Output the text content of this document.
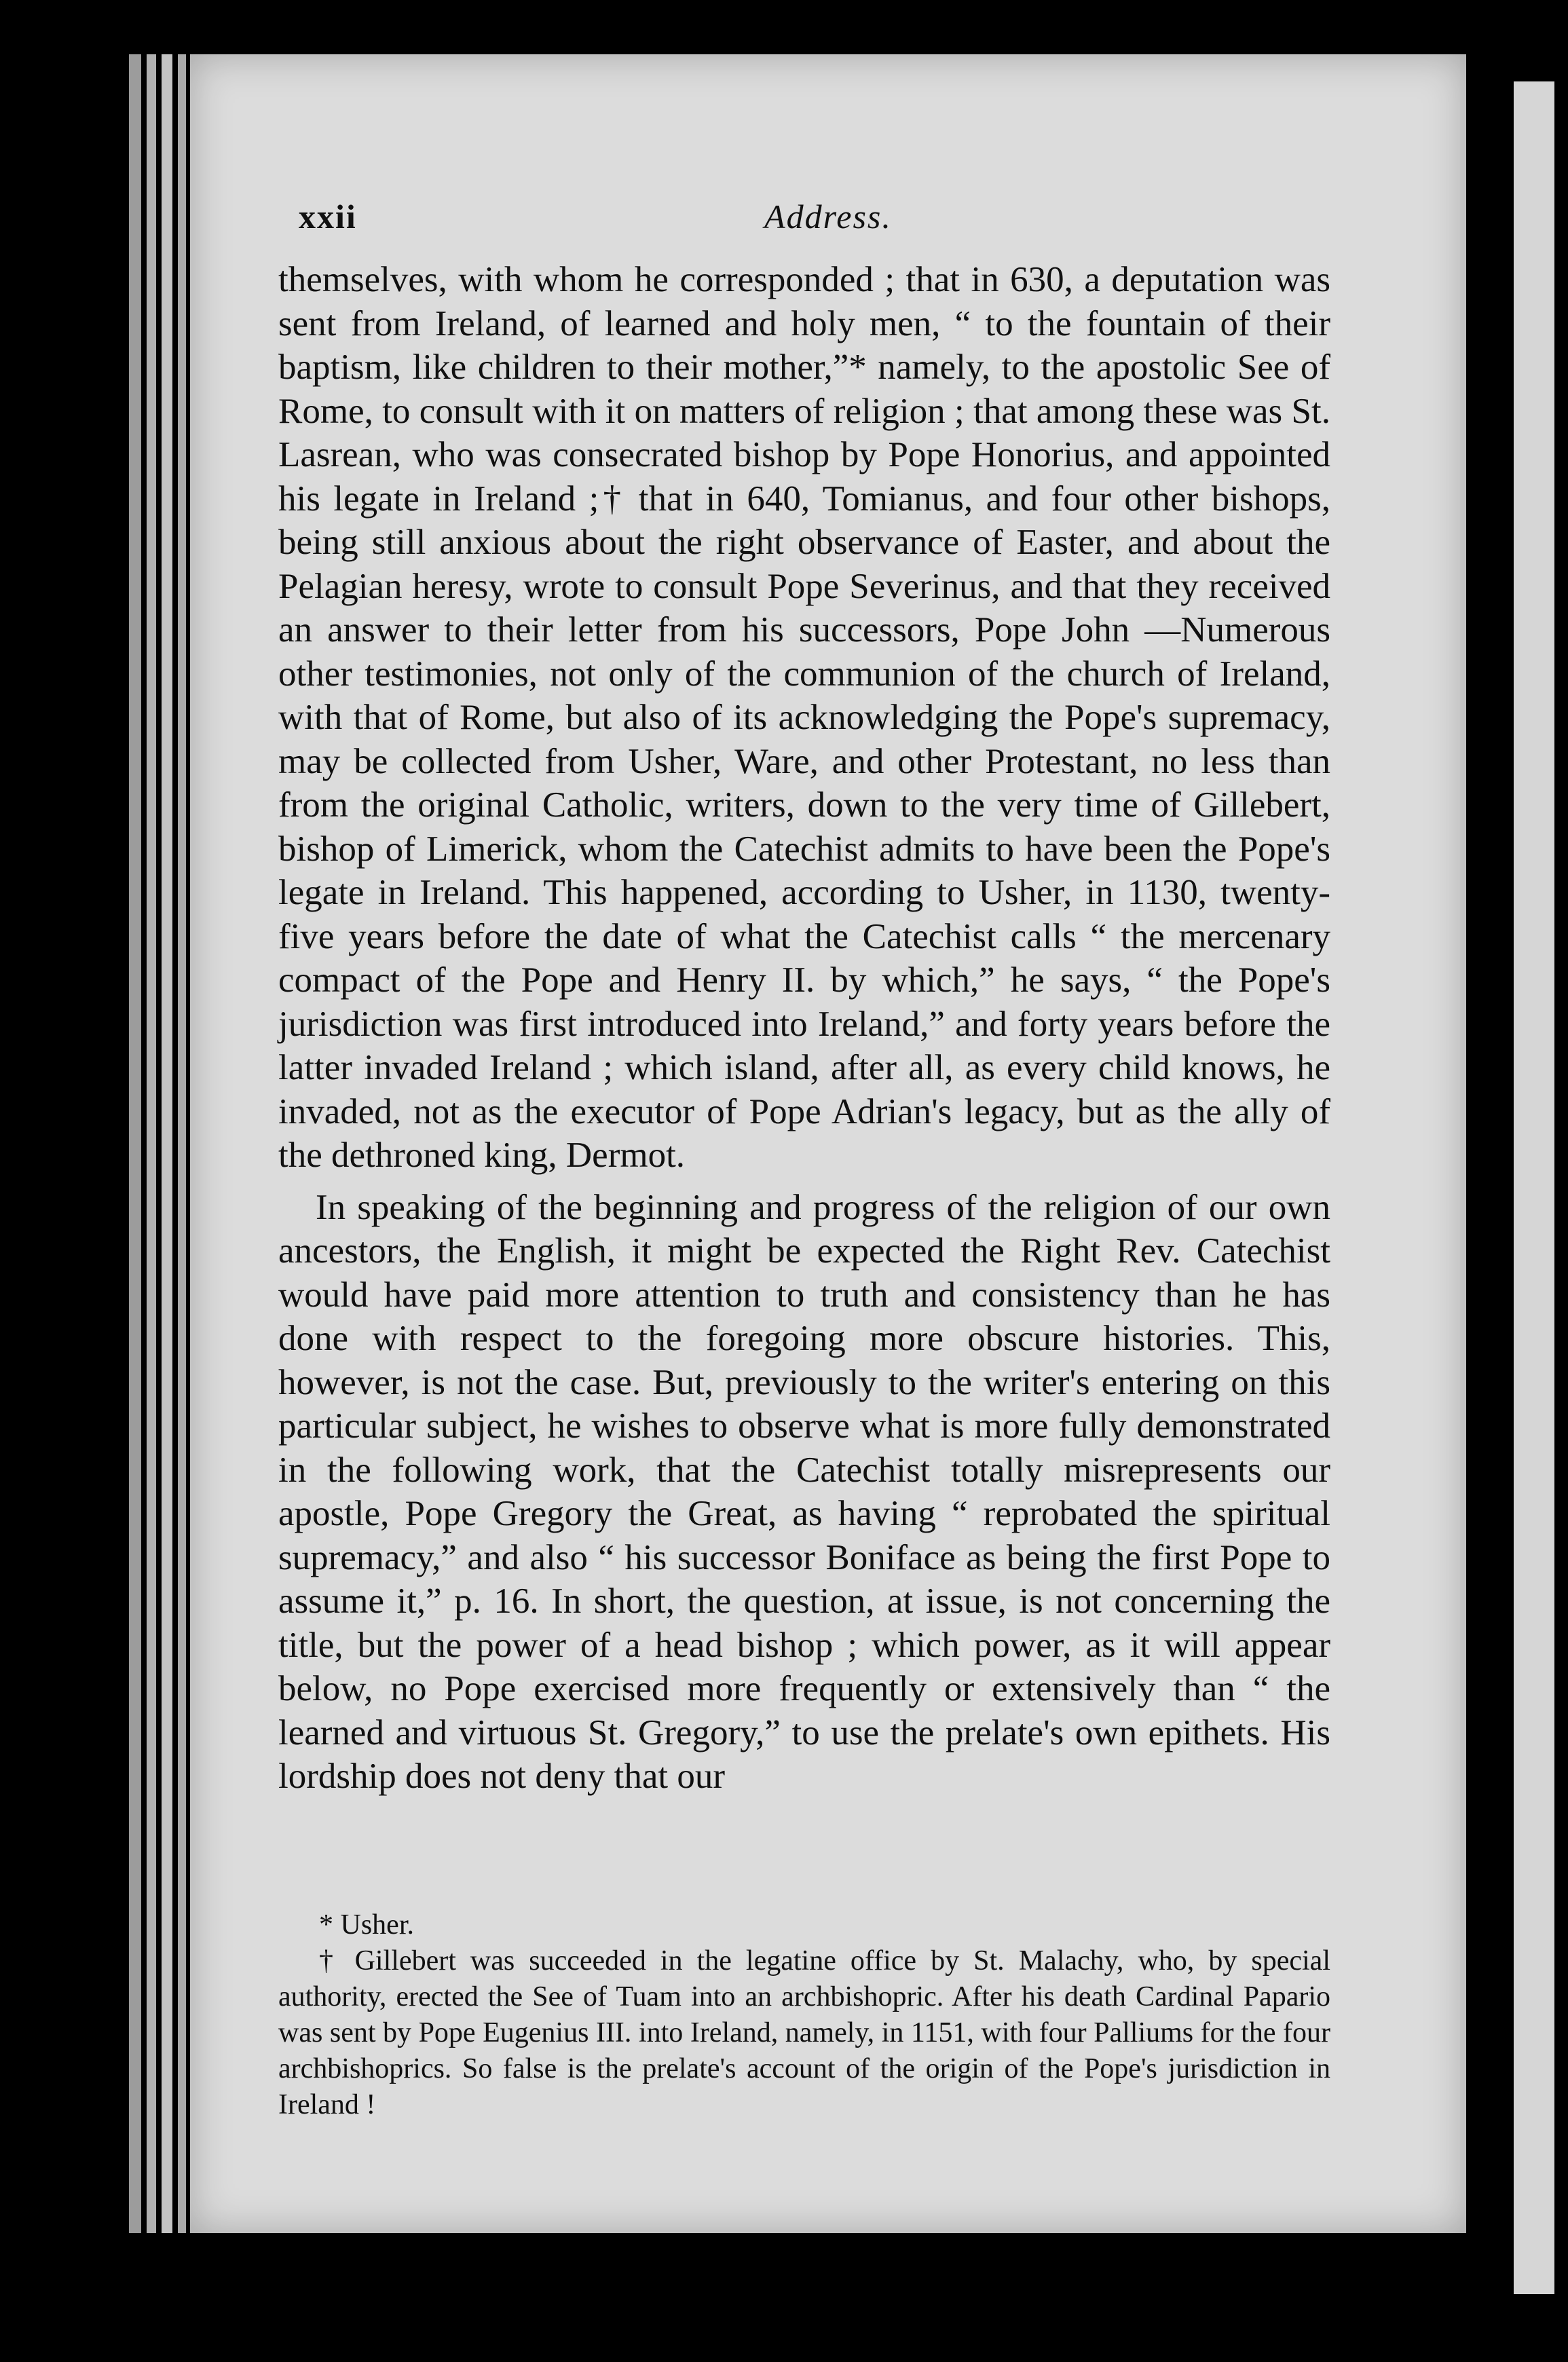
Address.
xxii

themselves, with whom he corresponded ; that in 630, a deputation was sent from Ireland, of learned and holy men, “ to the fountain of their baptism, like children to their mother,”* namely, to the apostolic See of Rome, to consult with it on matters of religion ; that among these was St. Lasrean, who was consecrated bishop by Pope Honorius, and appointed his legate in Ireland ;† that in 640, Tomianus, and four other bishops, being still anxious about the right observance of Easter, and about the Pelagian heresy, wrote to consult Pope Severinus, and that they received an answer to their letter from his successors, Pope John —Numerous other testimonies, not only of the communion of the church of Ireland, with that of Rome, but also of its acknowledging the Pope's supremacy, may be collected from Usher, Ware, and other Protestant, no less than from the original Catholic, writers, down to the very time of Gillebert, bishop of Limerick, whom the Catechist admits to have been the Pope's legate in Ireland. This happened, according to Usher, in 1130, twenty-five years before the date of what the Catechist calls “ the mercenary compact of the Pope and Henry II. by which,” he says, “ the Pope's jurisdiction was first introduced into Ireland,” and forty years before the latter invaded Ireland ; which island, after all, as every child knows, he invaded, not as the executor of Pope Adrian's legacy, but as the ally of the dethroned king, Dermot.

In speaking of the beginning and progress of the religion of our own ancestors, the English, it might be expected the Right Rev. Catechist would have paid more attention to truth and consistency than he has done with respect to the foregoing more obscure histories. This, however, is not the case. But, previously to the writer's entering on this particular subject, he wishes to observe what is more fully demonstrated in the following work, that the Catechist totally misrepresents our apostle, Pope Gregory the Great, as having “ reprobated the spiritual supremacy,” and also “ his successor Boniface as being the first Pope to assume it,” p. 16. In short, the question, at issue, is not concerning the title, but the power of a head bishop ; which power, as it will appear below, no Pope exercised more frequently or extensively than “ the learned and virtuous St. Gregory,” to use the prelate's own epithets. His lordship does not deny that our

* Usher.

† Gillebert was succeeded in the legatine office by St. Malachy, who, by special authority, erected the See of Tuam into an archbishopric. After his death Cardinal Papario was sent by Pope Eugenius III. into Ireland, namely, in 1151, with four Palliums for the four archbishoprics. So false is the prelate's account of the origin of the Pope's jurisdiction in Ireland !
